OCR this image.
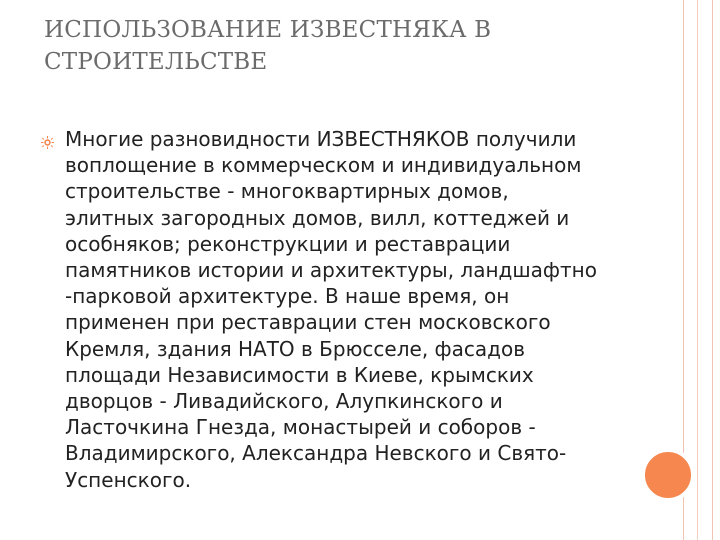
ИСПОЛЬЗОВАНИЕ ИЗВЕСТНЯКА В
СТРОИТЕЛЬСТВЕ

Многие разновидности ИЗВЕСТНЯКОВ получили
воплощение в коммерческом и индивидуальном
строительстве - многоквартирных домов,
элитных загородных домов, вилл, коттеджей и
особняков; реконструкции и реставрации
памятников истории и архитектуры, ландшафтно
-парковой архитектуре. В наше время, он
применен при реставрации стен московского
Кремля, здания НАТО в Брюсселе, фасадов
площади Независимости в Киеве, крымских
дворцов - Ливадийского, Алупкинского и
Ласточкина Гнезда, монастырей и соборов -
Владимирского, Александра Невского и Свято-
Успенского.
